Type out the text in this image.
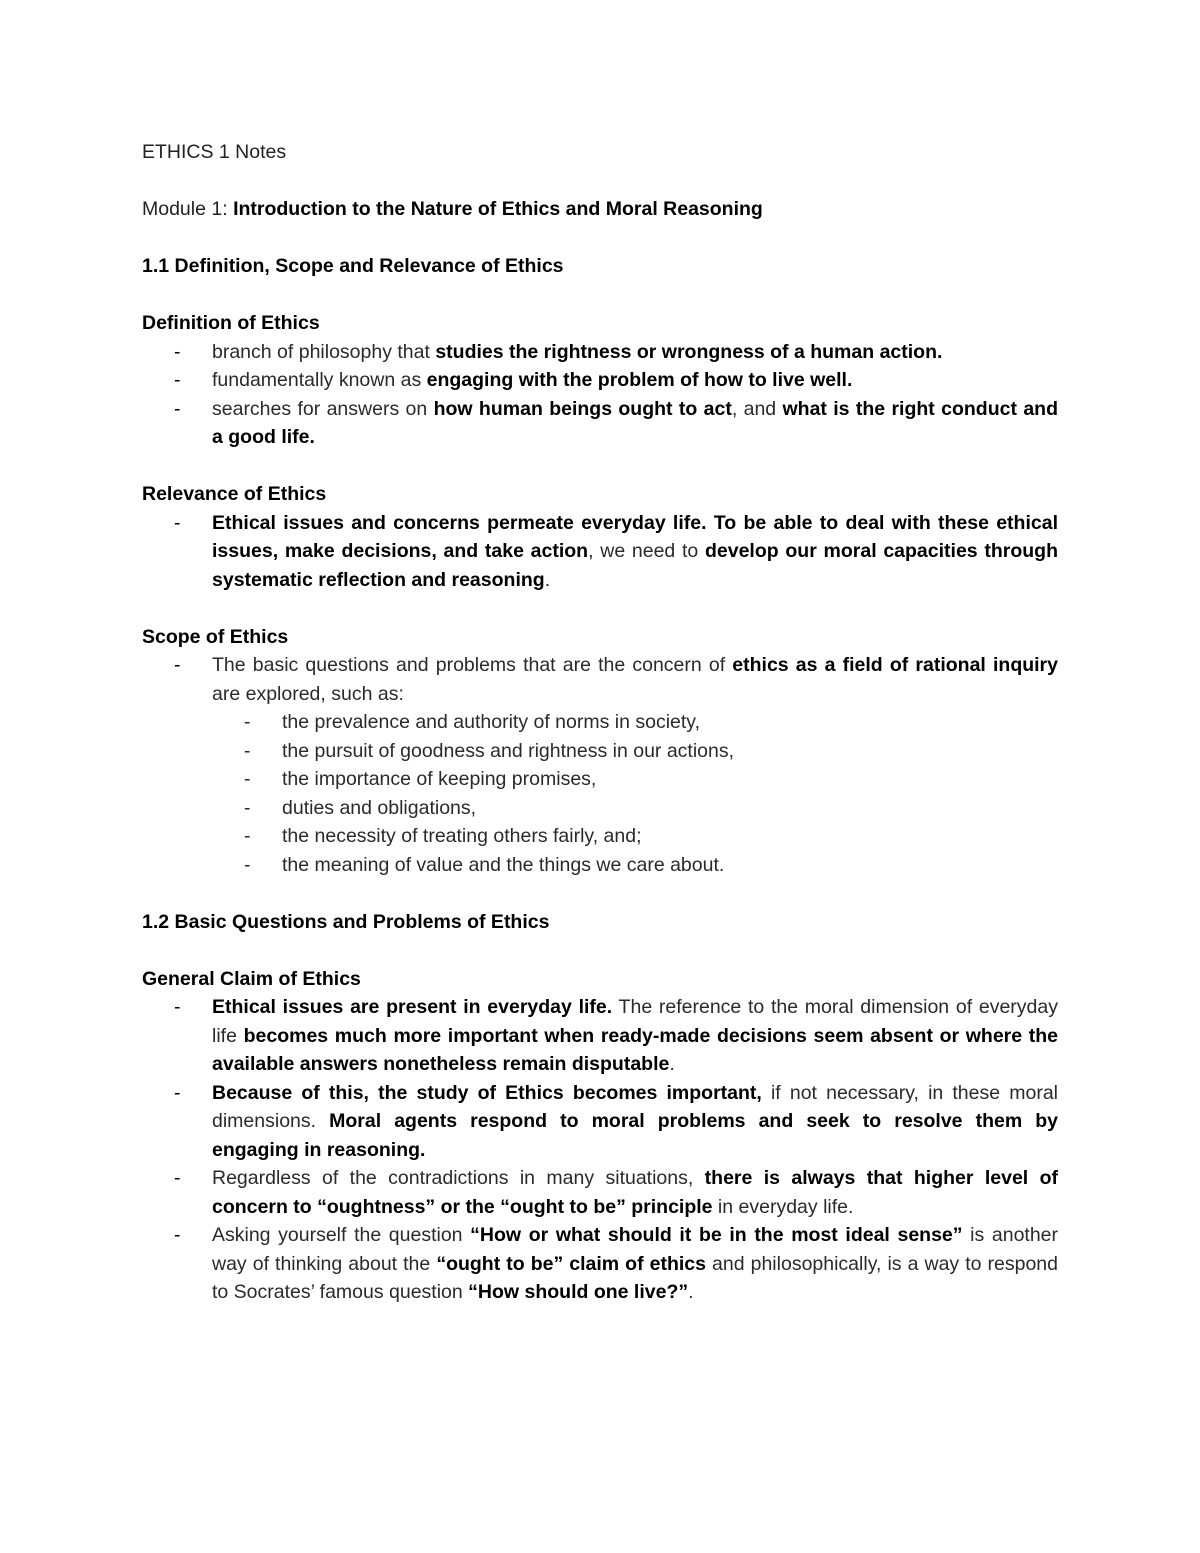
ETHICS 1 Notes

Module 1: Introduction to the Nature of Ethics and Moral Reasoning

1.1 Definition, Scope and Relevance of Ethics

Definition of Ethics

- branch of philosophy that studies the rightness or wrongness of a human action.
- fundamentally known as engaging with the problem of how to live well.
- searches for answers on how human beings ought to act, and what is the right conduct and a good life.

Relevance of Ethics

- Ethical issues and concerns permeate everyday life. To be able to deal with these ethical issues, make decisions, and take action, we need to develop our moral capacities through systematic reflection and reasoning.

Scope of Ethics

- The basic questions and problems that are the concern of ethics as a field of rational inquiry are explored, such as:
- the prevalence and authority of norms in society,
- the pursuit of goodness and rightness in our actions,
- the importance of keeping promises,
- duties and obligations,
- the necessity of treating others fairly, and;
- the meaning of value and the things we care about.

1.2 Basic Questions and Problems of Ethics

General Claim of Ethics

- Ethical issues are present in everyday life. The reference to the moral dimension of everyday life becomes much more important when ready-made decisions seem absent or where the available answers nonetheless remain disputable.
- Because of this, the study of Ethics becomes important, if not necessary, in these moral dimensions. Moral agents respond to moral problems and seek to resolve them by engaging in reasoning.
- Regardless of the contradictions in many situations, there is always that higher level of concern to “oughtness” or the “ought to be” principle in everyday life.
- Asking yourself the question “How or what should it be in the most ideal sense” is another way of thinking about the “ought to be” claim of ethics and philosophically, is a way to respond to Socrates’ famous question “How should one live?”.
